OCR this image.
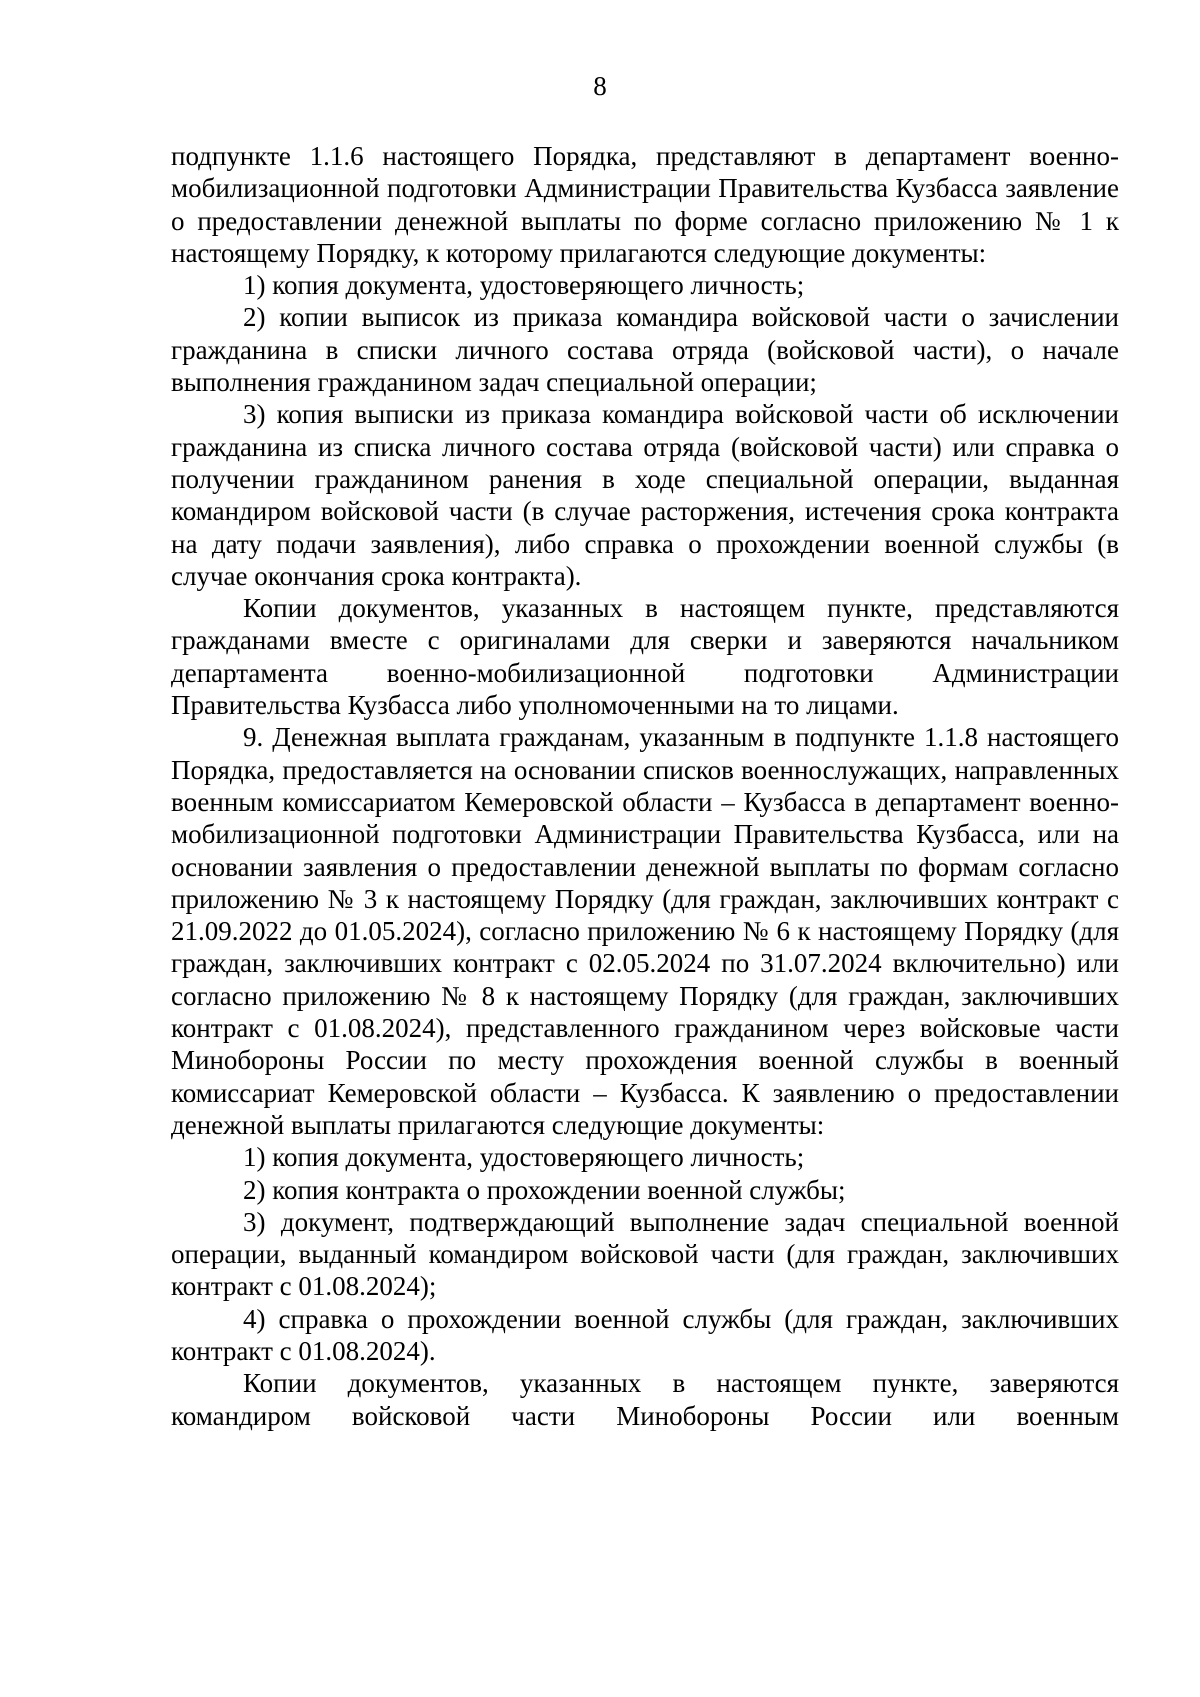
8

подпункте 1.1.6 настоящего Порядка, представляют в департамент военно-мобилизационной подготовки Администрации Правительства Кузбасса заявление о предоставлении денежной выплаты по форме согласно приложению № 1 к настоящему Порядку, к которому прилагаются следующие документы:

1) копия документа, удостоверяющего личность;

2) копии выписок из приказа командира войсковой части о зачислении гражданина в списки личного состава отряда (войсковой части), о начале выполнения гражданином задач специальной операции;

3) копия выписки из приказа командира войсковой части об исключении гражданина из списка личного состава отряда (войсковой части) или справка о получении гражданином ранения в ходе специальной операции, выданная командиром войсковой части (в случае расторжения, истечения срока контракта на дату подачи заявления), либо справка о прохождении военной службы (в случае окончания срока контракта).

Копии документов, указанных в настоящем пункте, представляются гражданами вместе с оригиналами для сверки и заверяются начальником департамента военно-мобилизационной подготовки Администрации Правительства Кузбасса либо уполномоченными на то лицами.

9. Денежная выплата гражданам, указанным в подпункте 1.1.8 настоящего Порядка, предоставляется на основании списков военнослужащих, направленных военным комиссариатом Кемеровской области – Кузбасса в департамент военно-мобилизационной подготовки Администрации Правительства Кузбасса, или на основании заявления о предоставлении денежной выплаты по формам согласно приложению № 3 к настоящему Порядку (для граждан, заключивших контракт с 21.09.2022 до 01.05.2024), согласно приложению № 6 к настоящему Порядку (для граждан, заключивших контракт с 02.05.2024 по 31.07.2024 включительно) или согласно приложению № 8 к настоящему Порядку (для граждан, заключивших контракт с 01.08.2024), представленного гражданином через войсковые части Минобороны России по месту прохождения военной службы в военный комиссариат Кемеровской области – Кузбасса. К заявлению о предоставлении денежной выплаты прилагаются следующие документы:

1) копия документа, удостоверяющего личность;

2) копия контракта о прохождении военной службы;

3) документ, подтверждающий выполнение задач специальной военной операции, выданный командиром войсковой части (для граждан, заключивших контракт с 01.08.2024);

4) справка о прохождении военной службы (для граждан, заключивших контракт с 01.08.2024).

Копии документов, указанных в настоящем пункте, заверяются командиром войсковой части Минобороны России или военным
